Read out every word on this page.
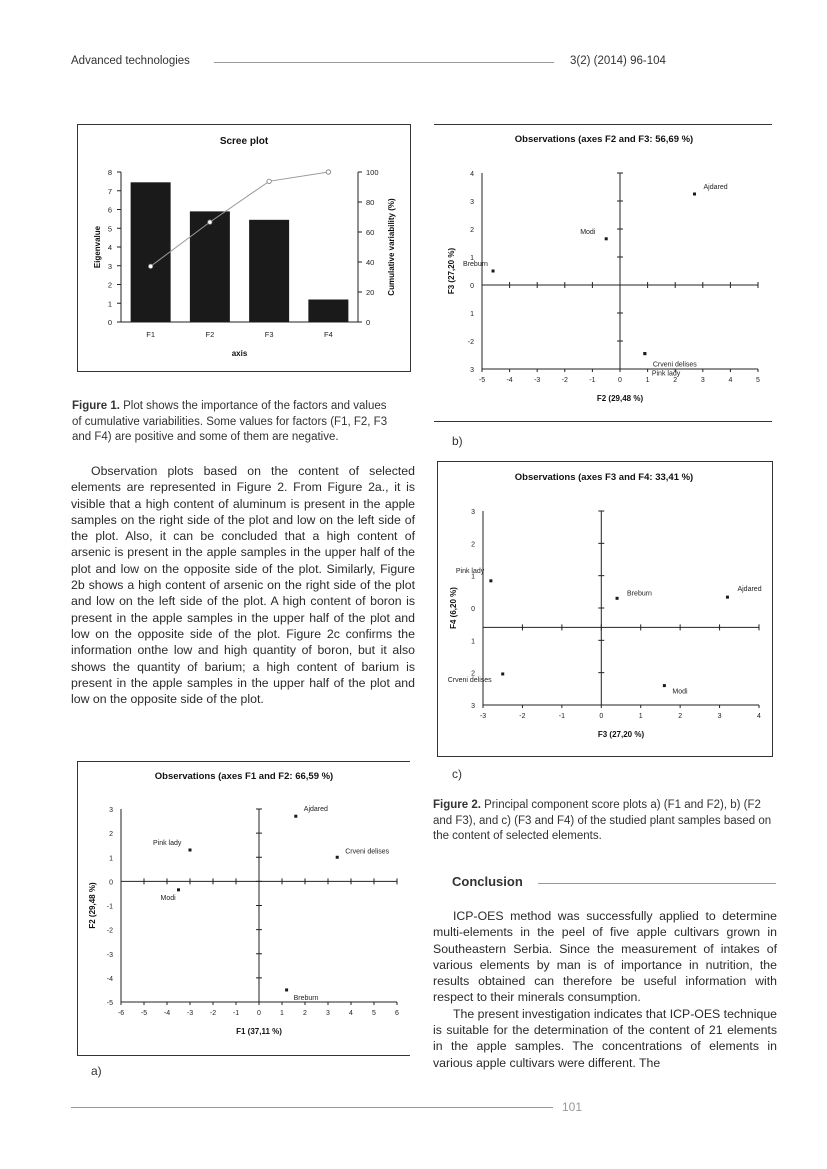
Advanced technologies	3(2) (2014) 96-104
Scree plot
0
1
2
3
4
5
6
7
8
0
20
40
60
80
100
F1	F2	F3	F4
axis
Eigenvalue	Cumulative variability (%)
Figure 1. Plot shows the importance of the factors and values of cumulative variabilities. Some values for factors (F1, F2, F3 and F4) are positive and some of them are negative.
Observations (axes F2 and F3: 56,69 %)
-5	-4	-3	-2	-1	0	1	2	3	4	5
3
-2
1
0
1
2
3
4
Ajdared
Modi
Breburn
Crveni delises
Pink lady
F2 (29,48 %)
F3 (27,20 %)
b)

Observation plots based on the content of selected elements are represented in Figure 2. From Figure 2a., it is visible that a high content of aluminum is present in the apple samples on the right side of the plot and low on the left side of the plot. Also, it can be concluded that a high content of arsenic is present in the apple samples in the upper half of the plot and low on the opposite side of the plot. Similarly, Figure 2b shows a high content of arsenic on the right side of the plot and low on the left side of the plot. A high content of boron is present in the apple samples in the upper half of the plot and low on the opposite side of the plot. Figure 2c confirms the information onthe low and high quantity of boron, but it also shows the quantity of barium; a high content of barium is present in the apple samples in the upper half of the plot and low on the opposite side of the plot.

Observations (axes F3 and F4: 33,41 %)
-3	-2	-1	0	1	2	3	4
3
2
1
0
1
2
3
Pink lady
Breburn
Ajdared
Crveni delises
Modi
F3 (27,20 %)
F4 (6,20 %)
c)
Figure 2. Principal component score plots a) (F1 and F2), b) (F2 and F3), and c) (F3 and F4) of the studied plant samples based on the content of selected elements.
Observations (axes F1 and F2: 66,59 %)
-6 -5 -4 -3 -2 -1	0	1	2	3	4	5	6
-5
-4
-3
-2
-1
0
1
2
3	Ajdared
Pink lady
Crveni delises
Modi
Breburn
F1 (37,11 %)
F2 (29,48 %)
a)
Conclusion

ICP-OES method was successfully applied to determine multi-elements in the peel of five apple cultivars grown in Southeastern Serbia. Since the measurement of intakes of various elements by man is of importance in nutrition, the results obtained can therefore be useful information with respect to their minerals consumption.

The present investigation indicates that ICP-OES technique is suitable for the determination of the content of 21 elements in the apple samples. The concentrations of elements in various apple cultivars were different. The

101
